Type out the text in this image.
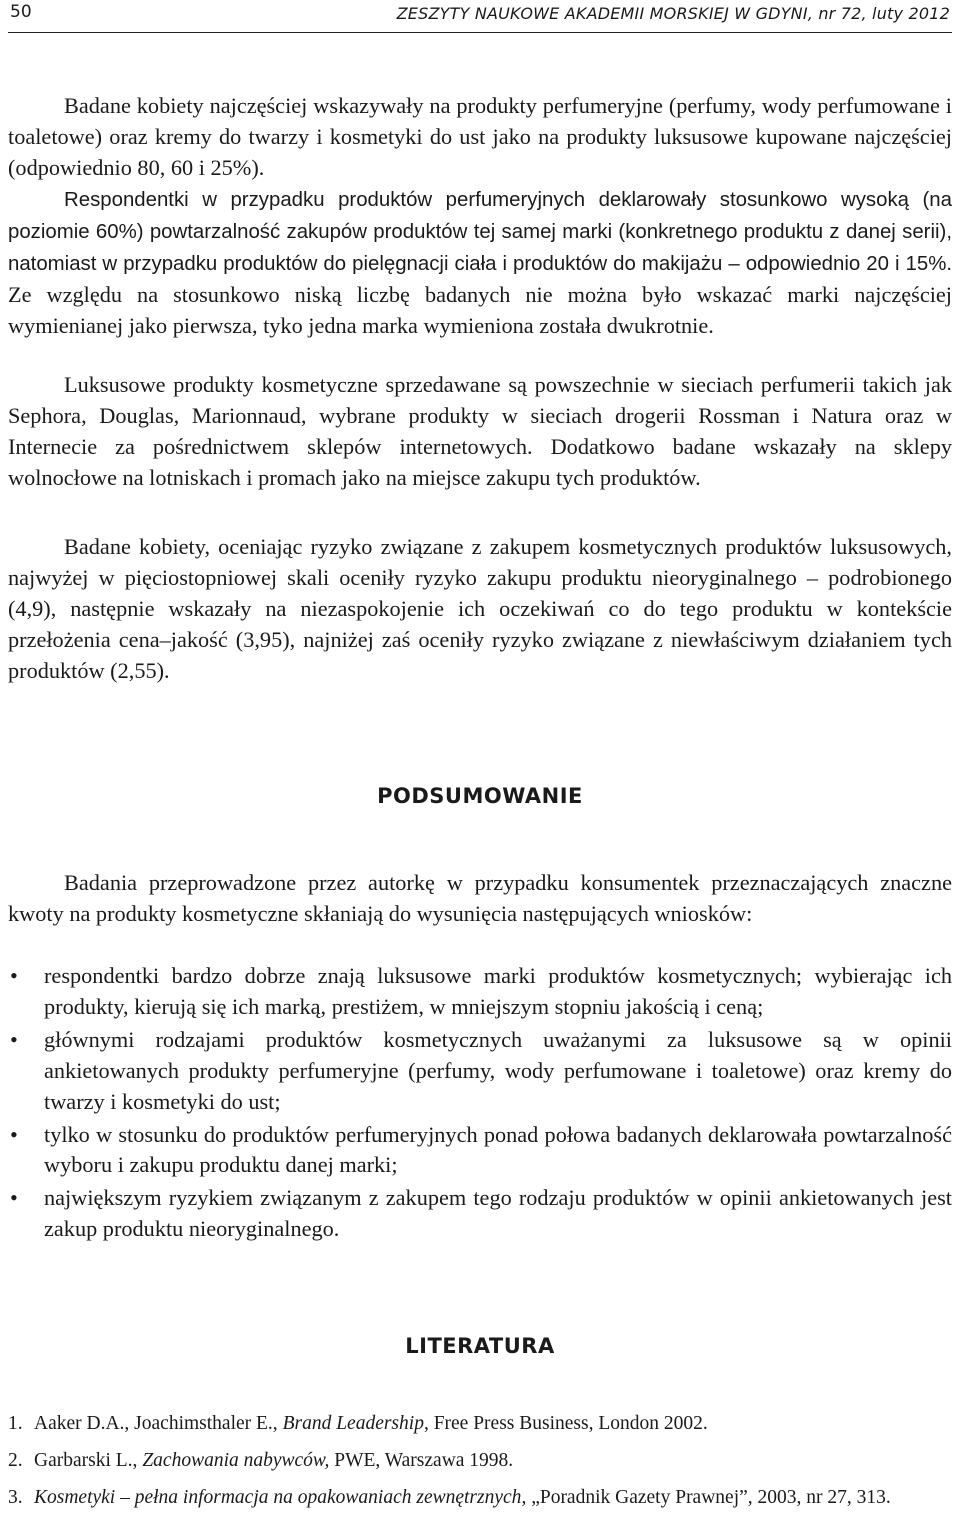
50	ZESZYTY NAUKOWE AKADEMII MORSKIEJ W GDYNI, nr 72, luty 2012

Badane kobiety najczęściej wskazywały na produkty perfumeryjne (perfumy, wody perfumowane i toaletowe) oraz kremy do twarzy i kosmetyki do ust jako na produkty luksusowe kupowane najczęściej (odpowiednio 80, 60 i 25%).

Respondentki w przypadku produktów perfumeryjnych deklarowały stosunkowo wysoką (na poziomie 60%) powtarzalność zakupów produktów tej samej marki (konkretnego produktu z danej serii), natomiast w przypadku produktów do pielęgnacji ciała i produktów do makijażu – odpowiednio 20 i 15%. Ze względu na stosunkowo niską liczbę badanych nie można było wskazać marki najczęściej wymienianej jako pierwsza, tyko jedna marka wymieniona została dwukrotnie.

Luksusowe produkty kosmetyczne sprzedawane są powszechnie w sieciach perfumerii takich jak Sephora, Douglas, Marionnaud, wybrane produkty w sieciach drogerii Rossman i Natura oraz w Internecie za pośrednictwem sklepów internetowych. Dodatkowo badane wskazały na sklepy wolnocłowe na lotniskach i promach jako na miejsce zakupu tych produktów.

Badane kobiety, oceniając ryzyko związane z zakupem kosmetycznych produktów luksusowych, najwyżej w pięciostopniowej skali oceniły ryzyko zakupu produktu nieoryginalnego – podrobionego (4,9), następnie wskazały na niezaspokojenie ich oczekiwań co do tego produktu w kontekście przełożenia cena–jakość (3,95), najniżej zaś oceniły ryzyko związane z niewłaściwym działaniem tych produktów (2,55).

PODSUMOWANIE

Badania przeprowadzone przez autorkę w przypadku konsumentek przeznaczających znaczne kwoty na produkty kosmetyczne skłaniają do wysunięcia następujących wniosków:

• respondentki bardzo dobrze znają luksusowe marki produktów kosmetycznych; wybierając ich produkty, kierują się ich marką, prestiżem, w mniejszym stopniu jakością i ceną;
• głównymi rodzajami produktów kosmetycznych uważanymi za luksusowe są w opinii ankietowanych produkty perfumeryjne (perfumy, wody perfumowane i toaletowe) oraz kremy do twarzy i kosmetyki do ust;
• tylko w stosunku do produktów perfumeryjnych ponad połowa badanych deklarowała powtarzalność wyboru i zakupu produktu danej marki;
• największym ryzykiem związanym z zakupem tego rodzaju produktów w opinii ankietowanych jest zakup produktu nieoryginalnego.
LITERATURA
1. Aaker D.A., Joachimsthaler E., Brand Leadership, Free Press Business, London 2002.
2. Garbarski L., Zachowania nabywców, PWE, Warszawa 1998.
3. Kosmetyki – pełna informacja na opakowaniach zewnętrznych, „Poradnik Gazety Prawnej”, 2003, nr 27, 313.
